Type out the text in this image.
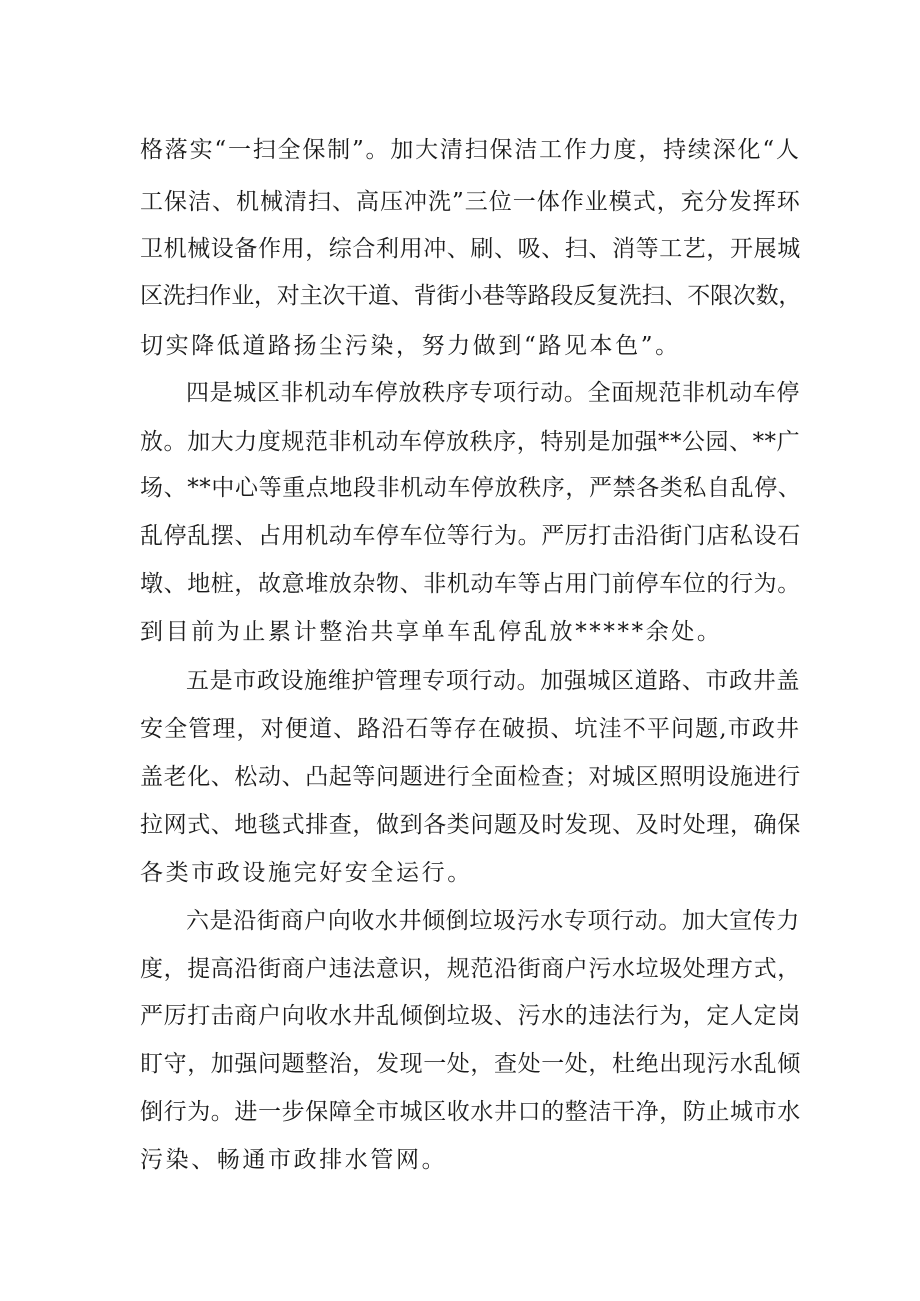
格落实“一扫全保制”。加大清扫保洁工作力度，持续深化“人

工保洁、机械清扫、高压冲洗”三位一体作业模式，充分发挥环

卫机械设备作用，综合利用冲、刷、吸、扫、消等工艺，开展城

区洗扫作业，对主次干道、背街小巷等路段反复洗扫、不限次数，

切实降低道路扬尘污染，努力做到“路见本色”。

四是城区非机动车停放秩序专项行动。全面规范非机动车停

放。加大力度规范非机动车停放秩序，特别是加强**公园、**广

场、**中心等重点地段非机动车停放秩序，严禁各类私自乱停、

乱停乱摆、占用机动车停车位等行为。严厉打击沿街门店私设石

墩、地桩，故意堆放杂物、非机动车等占用门前停车位的行为。

到目前为止累计整治共享单车乱停乱放*****余处。

五是市政设施维护管理专项行动。加强城区道路、市政井盖

安全管理，对便道、路沿石等存在破损、坑洼不平问题,市政井

盖老化、松动、凸起等问题进行全面检查；对城区照明设施进行

拉网式、地毯式排查，做到各类问题及时发现、及时处理，确保

各类市政设施完好安全运行。

六是沿街商户向收水井倾倒垃圾污水专项行动。加大宣传力

度，提高沿街商户违法意识，规范沿街商户污水垃圾处理方式，

严厉打击商户向收水井乱倾倒垃圾、污水的违法行为，定人定岗

盯守，加强问题整治，发现一处，查处一处，杜绝出现污水乱倾

倒行为。进一步保障全市城区收水井口的整洁干净，防止城市水

污染、畅通市政排水管网。
